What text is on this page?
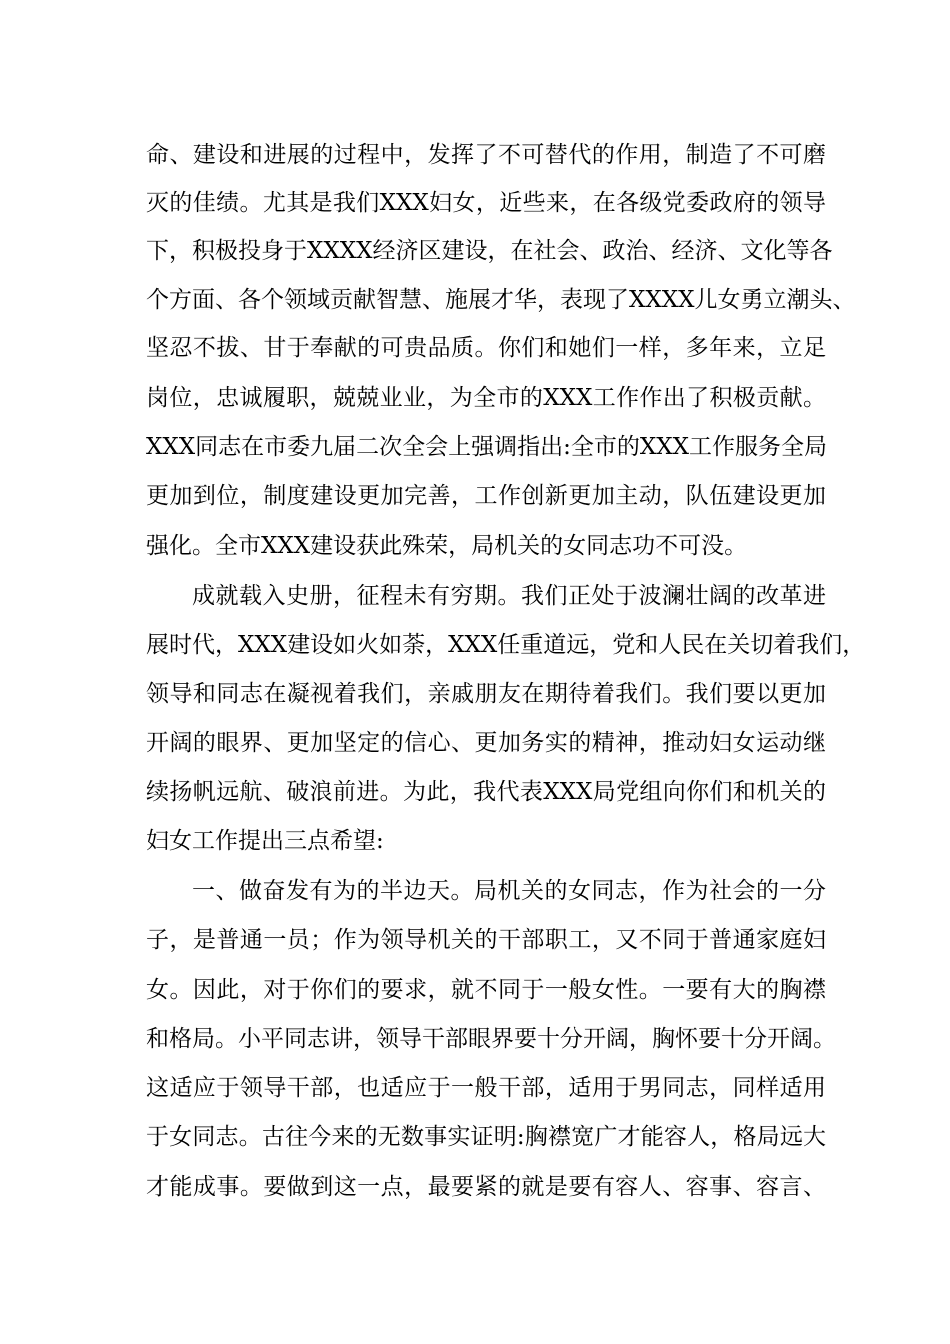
命、建设和进展的过程中，发挥了不可替代的作用，制造了不可磨
灭的佳绩。尤其是我们XXX妇女，近些来，在各级党委政府的领导
下，积极投身于XXXX经济区建设，在社会、政治、经济、文化等各
个方面、各个领域贡献智慧、施展才华，表现了XXXX儿女勇立潮头、
坚忍不拔、甘于奉献的可贵品质。你们和她们一样，多年来，立足
岗位，忠诚履职，兢兢业业，为全市的XXX工作作出了积极贡献。
XXX同志在市委九届二次全会上强调指出:全市的XXX工作服务全局
更加到位，制度建设更加完善，工作创新更加主动，队伍建设更加
强化。全市XXX建设获此殊荣，局机关的女同志功不可没。
成就载入史册，征程未有穷期。我们正处于波澜壮阔的改革进
展时代，XXX建设如火如荼，XXX任重道远，党和人民在关切着我们，
领导和同志在凝视着我们，亲戚朋友在期待着我们。我们要以更加
开阔的眼界、更加坚定的信心、更加务实的精神，推动妇女运动继
续扬帆远航、破浪前进。为此，我代表XXX局党组向你们和机关的
妇女工作提出三点希望:
一、做奋发有为的半边天。局机关的女同志，作为社会的一分
子，是普通一员；作为领导机关的干部职工，又不同于普通家庭妇
女。因此，对于你们的要求，就不同于一般女性。一要有大的胸襟
和格局。小平同志讲，领导干部眼界要十分开阔，胸怀要十分开阔。
这适应于领导干部，也适应于一般干部，适用于男同志，同样适用
于女同志。古往今来的无数事实证明:胸襟宽广才能容人，格局远大
才能成事。要做到这一点，最要紧的就是要有容人、容事、容言、
